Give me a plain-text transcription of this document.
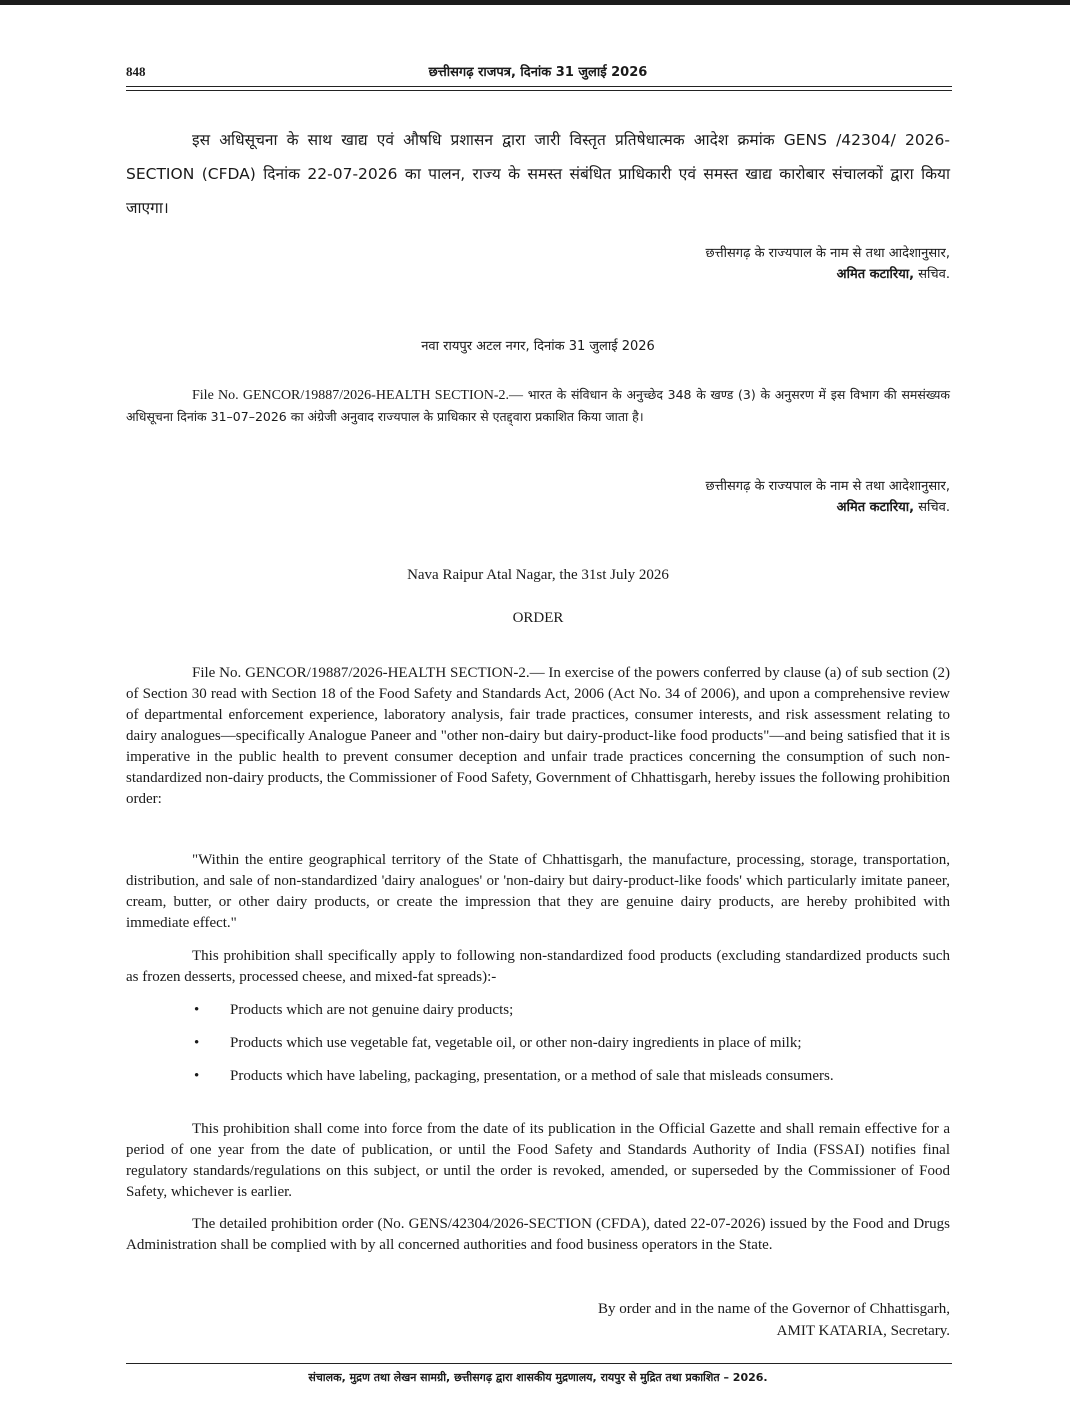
848	छत्तीसगढ़ राजपत्र, दिनांक 31 जुलाई 2026

इस अधिसूचना के साथ खाद्य एवं औषधि प्रशासन द्वारा जारी विस्तृत प्रतिषेधात्मक आदेश क्रमांक GENS /42304/ 2026-SECTION (CFDA) दिनांक 22-07-2026 का पालन, राज्य के समस्त संबंधित प्राधिकारी एवं समस्त खाद्य कारोबार संचालकों द्वारा किया जाएगा।

छत्तीसगढ़ के राज्यपाल के नाम से तथा आदेशानुसार,
अमित कटारिया, सचिव.
नवा रायपुर अटल नगर, दिनांक 31 जुलाई 2026

File No. GENCOR/19887/2026-HEALTH SECTION-2.— भारत के संविधान के अनुच्छेद 348 के खण्ड (3) के अनुसरण में इस विभाग की समसंख्यक अधिसूचना दिनांक 31–07–2026 का अंग्रेजी अनुवाद राज्यपाल के प्राधिकार से एतद्द्वारा प्रकाशित किया जाता है।

छत्तीसगढ़ के राज्यपाल के नाम से तथा आदेशानुसार,
अमित कटारिया, सचिव.
Nava Raipur Atal Nagar, the 31st July 2026
ORDER

File No. GENCOR/19887/2026-HEALTH SECTION-2.— In exercise of the powers conferred by clause (a) of sub section (2) of Section 30 read with Section 18 of the Food Safety and Standards Act, 2006 (Act No. 34 of 2006), and upon a comprehensive review of departmental enforcement experience, laboratory analysis, fair trade practices, consumer interests, and risk assessment relating to dairy analogues—specifically Analogue Paneer and "other non-dairy but dairy-product-like food products"—and being satisfied that it is imperative in the public health to prevent consumer deception and unfair trade practices concerning the consumption of such non-standardized non-dairy products, the Commissioner of Food Safety, Government of Chhattisgarh, hereby issues the following prohibition order:

"Within the entire geographical territory of the State of Chhattisgarh, the manufacture, processing, storage, transportation, distribution, and sale of non-standardized 'dairy analogues' or 'non-dairy but dairy-product-like foods' which particularly imitate paneer, cream, butter, or other dairy products, or create the impression that they are genuine dairy products, are hereby prohibited with immediate effect."

This prohibition shall specifically apply to following non-standardized food products (excluding standardized products such as frozen desserts, processed cheese, and mixed-fat spreads):-

• Products which are not genuine dairy products;
• Products which use vegetable fat, vegetable oil, or other non-dairy ingredients in place of milk;
• Products which have labeling, packaging, presentation, or a method of sale that misleads consumers.

This prohibition shall come into force from the date of its publication in the Official Gazette and shall remain effective for a period of one year from the date of publication, or until the Food Safety and Standards Authority of India (FSSAI) notifies final regulatory standards/regulations on this subject, or until the order is revoked, amended, or superseded by the Commissioner of Food Safety, whichever is earlier.

The detailed prohibition order (No. GENS/42304/2026-SECTION (CFDA), dated 22-07-2026) issued by the Food and Drugs Administration shall be complied with by all concerned authorities and food business operators in the State.

By order and in the name of the Governor of Chhattisgarh,
AMIT KATARIA, Secretary.
संचालक, मुद्रण तथा लेखन सामग्री, छत्तीसगढ़ द्वारा शासकीय मुद्रणालय, रायपुर से मुद्रित तथा प्रकाशित – 2026.
